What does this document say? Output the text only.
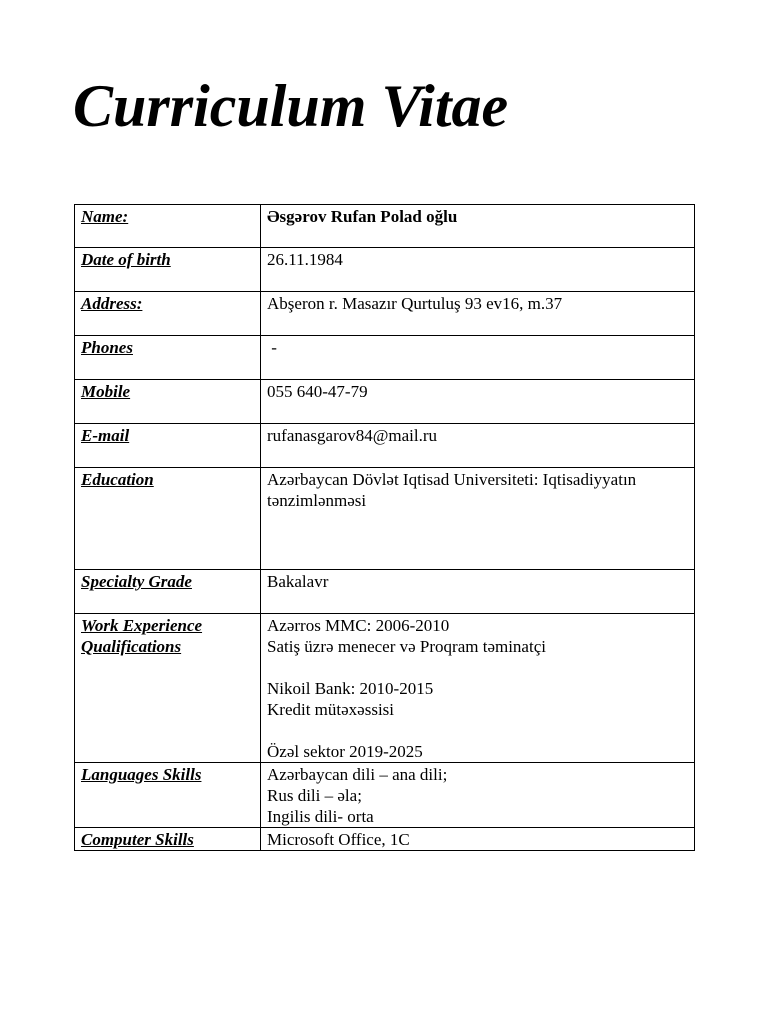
Curriculum Vitae
Name:	Əsgərov Rufan Polad oğlu

Date of birth	26.11.1984

Address:	Abşeron r. Masazır Qurtuluş 93 ev16, m.37

Phones	-

Mobile	055 640-47-79

E-mail	rufanasgarov84@mail.ru

Education	Azərbaycan Dövlət Iqtisad Universiteti: Iqtisadiyyatın tənzimlənməsi

Specialty Grade	Bakalavr

Work Experience
Qualifications	Azərros MMC: 2006-2010
Satiş üzrə menecer və Proqram təminatçi

Nikoil Bank: 2010-2015
Kredit mütəxəssisi

Özəl sektor 2019-2025

Languages Skills	Azərbaycan dili – ana dili;
Rus dili – əla;
Ingilis dili- orta

Computer Skills	Microsoft Office, 1C
